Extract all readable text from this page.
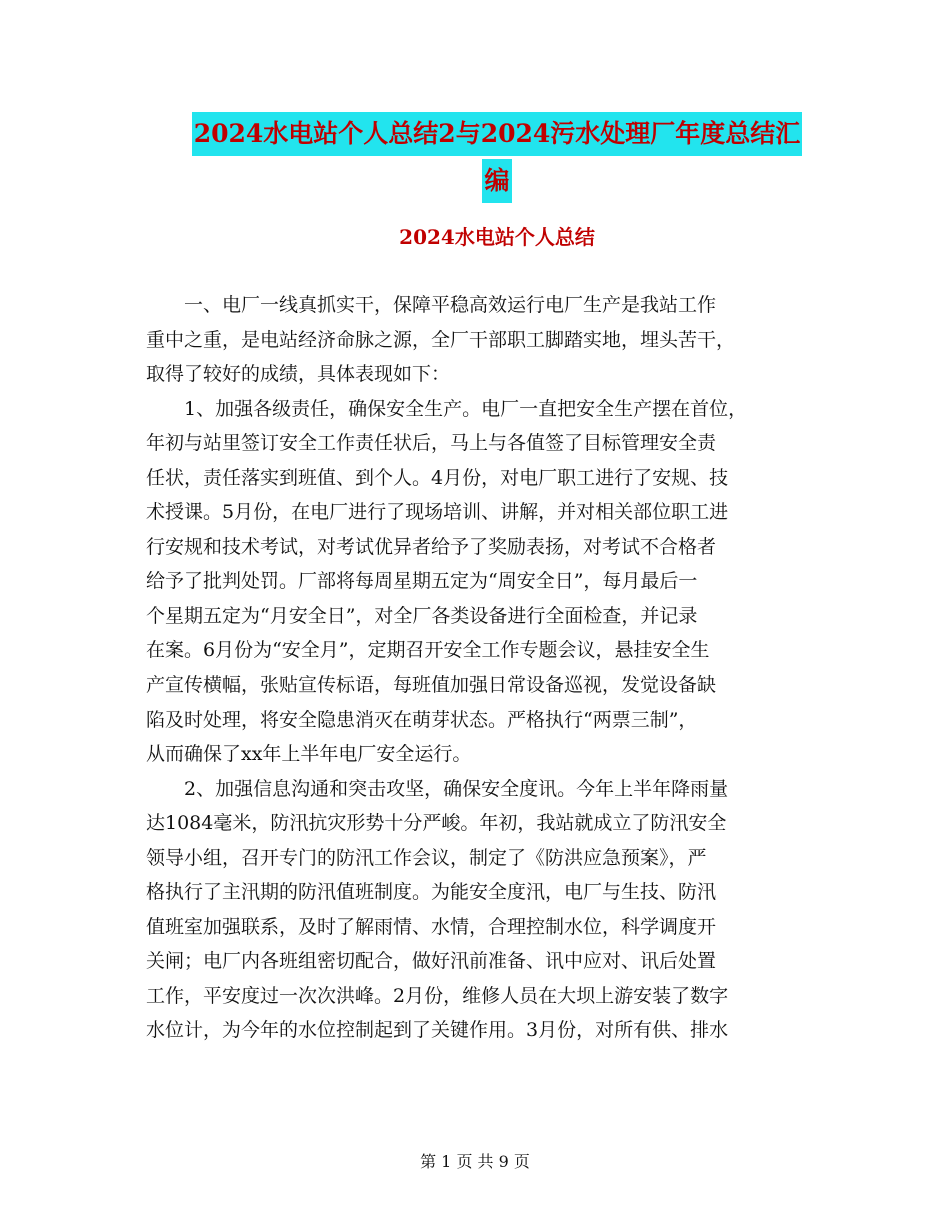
2024水电站个人总结2与2024污水处理厂年度总结汇
编
2024水电站个人总结
一、电厂一线真抓实干，保障平稳高效运行电厂生产是我站工作
重中之重，是电站经济命脉之源，全厂干部职工脚踏实地，埋头苦干，
取得了较好的成绩，具体表现如下：
1、加强各级责任，确保安全生产。电厂一直把安全生产摆在首位，
年初与站里签订安全工作责任状后，马上与各值签了目标管理安全责
任状，责任落实到班值、到个人。4月份，对电厂职工进行了安规、技
术授课。5月份，在电厂进行了现场培训、讲解，并对相关部位职工进
行安规和技术考试，对考试优异者给予了奖励表扬，对考试不合格者
给予了批判处罚。厂部将每周星期五定为“周安全日”，每月最后一
个星期五定为“月安全日”，对全厂各类设备进行全面检查，并记录
在案。6月份为“安全月”，定期召开安全工作专题会议，悬挂安全生
产宣传横幅，张贴宣传标语，每班值加强日常设备巡视，发觉设备缺
陷及时处理，将安全隐患消灭在萌芽状态。严格执行“两票三制”，
从而确保了xx年上半年电厂安全运行。
2、加强信息沟通和突击攻坚，确保安全度讯。今年上半年降雨量
达1084毫米，防汛抗灾形势十分严峻。年初，我站就成立了防汛安全
领导小组，召开专门的防汛工作会议，制定了《防洪应急预案》，严
格执行了主汛期的防汛值班制度。为能安全度汛，电厂与生技、防汛
值班室加强联系，及时了解雨情、水情，合理控制水位，科学调度开
关闸；电厂内各班组密切配合，做好汛前准备、讯中应对、讯后处置
工作，平安度过一次次洪峰。2月份，维修人员在大坝上游安装了数字
水位计，为今年的水位控制起到了关键作用。3月份，对所有供、排水
第 1 页 共 9 页
